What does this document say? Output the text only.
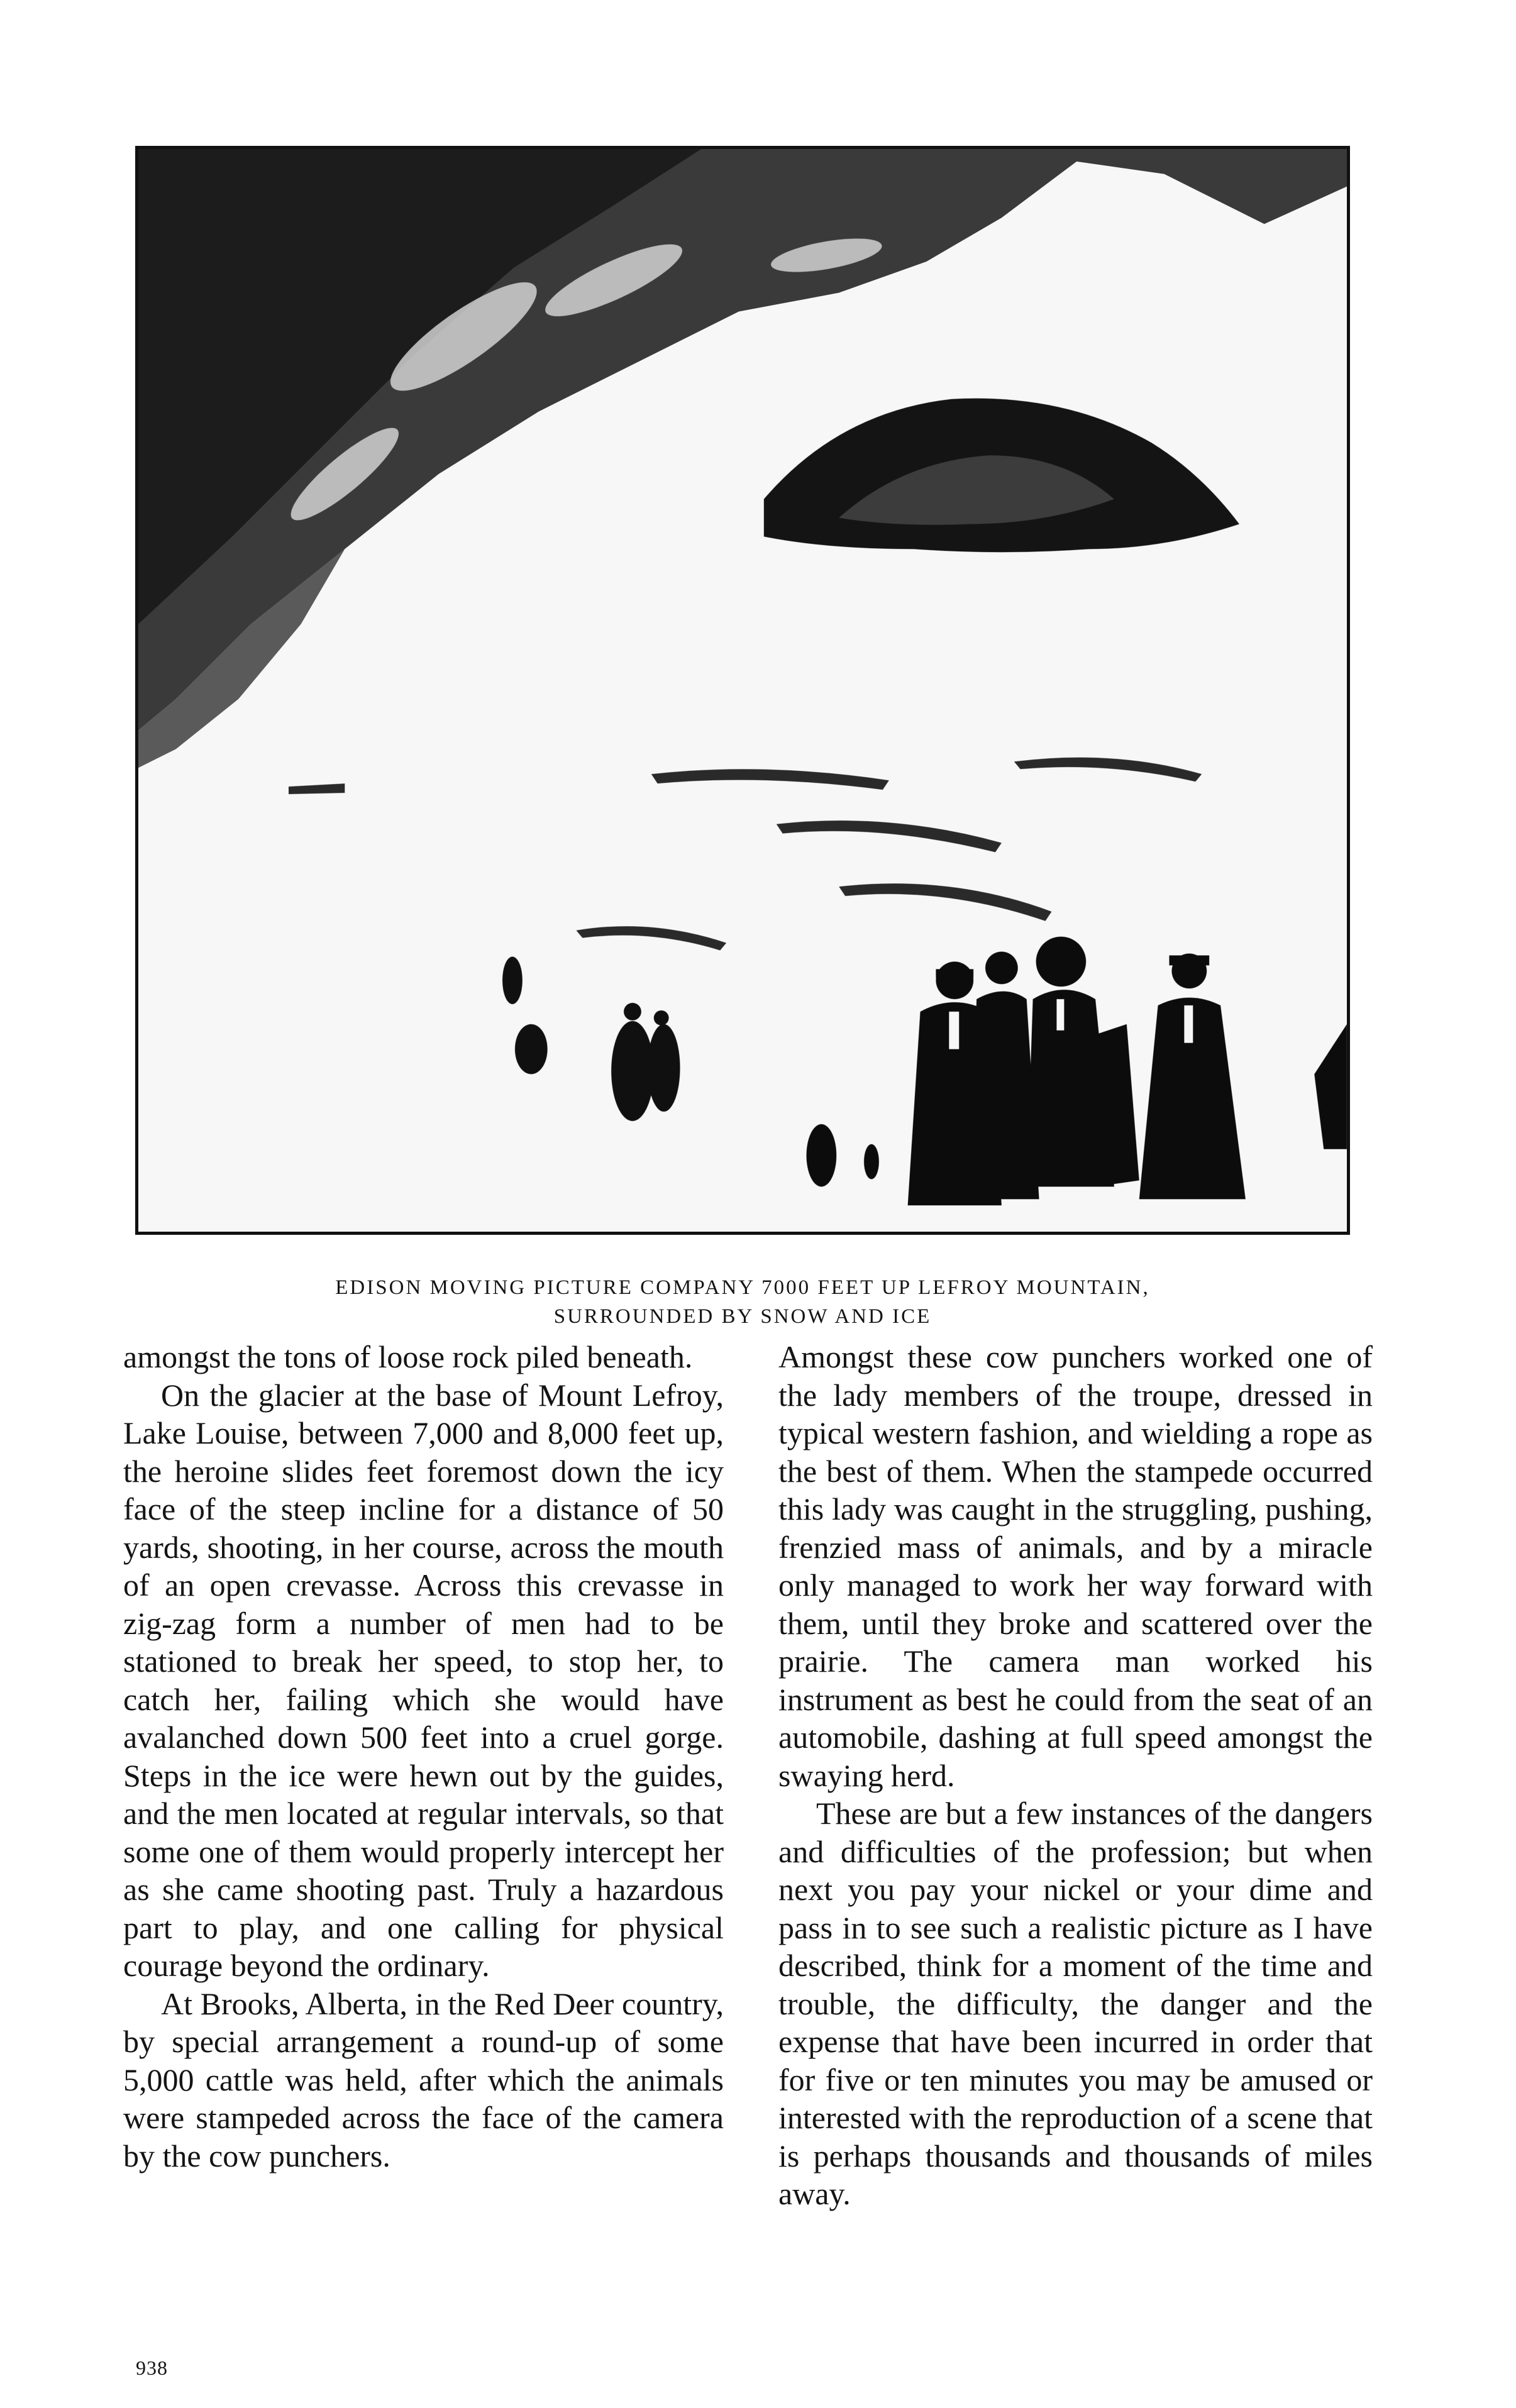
EDISON MOVING PICTURE COMPANY 7000 FEET UP LEFROY MOUNTAIN,
SURROUNDED BY SNOW AND ICE

amongst the tons of loose rock piled beneath.

On the glacier at the base of Mount Lefroy, Lake Louise, between 7,000 and 8,000 feet up, the heroine slides feet foremost down the icy face of the steep incline for a distance of 50 yards, shooting, in her course, across the mouth of an open crevasse. Across this crevasse in zig-zag form a number of men had to be stationed to break her speed, to stop her, to catch her, failing which she would have avalanched down 500 feet into a cruel gorge. Steps in the ice were hewn out by the guides, and the men located at regular intervals, so that some one of them would properly intercept her as she came shooting past. Truly a hazardous part to play, and one calling for physical courage beyond the ordinary.

At Brooks, Alberta, in the Red Deer country, by special arrangement a round-up of some 5,000 cattle was held, after which the animals were stampeded across the face of the camera by the cow punchers.

Amongst these cow punchers worked one of the lady members of the troupe, dressed in typical western fashion, and wielding a rope as the best of them. When the stampede occurred this lady was caught in the struggling, pushing, frenzied mass of animals, and by a miracle only managed to work her way forward with them, until they broke and scattered over the prairie. The camera man worked his instrument as best he could from the seat of an automobile, dashing at full speed amongst the swaying herd.

These are but a few instances of the dangers and difficulties of the profession; but when next you pay your nickel or your dime and pass in to see such a realistic picture as I have described, think for a moment of the time and trouble, the difficulty, the danger and the expense that have been incurred in order that for five or ten minutes you may be amused or interested with the reproduction of a scene that is perhaps thousands and thousands of miles away.

938
